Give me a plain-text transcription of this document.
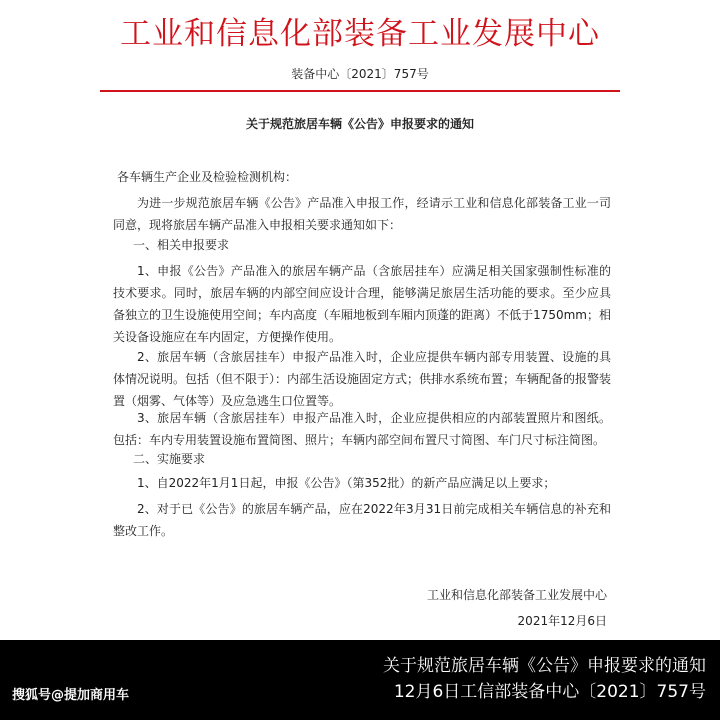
工业和信息化部装备工业发展中心
装备中心〔2021〕757号
关于规范旅居车辆《公告》申报要求的通知
各车辆生产企业及检验检测机构：
为进一步规范旅居车辆《公告》产品准入申报工作，经请示工业和信息化部装备工业一司同意，现将旅居车辆产品准入申报相关要求通知如下：
一、相关申报要求
1、申报《公告》产品准入的旅居车辆产品（含旅居挂车）应满足相关国家强制性标准的技术要求。同时，旅居车辆的内部空间应设计合理，能够满足旅居生活功能的要求。至少应具备独立的卫生设施使用空间；车内高度（车厢地板到车厢内顶蓬的距离）不低于1750mm；相关设备设施应在车内固定，方便操作使用。
2、旅居车辆（含旅居挂车）申报产品准入时，企业应提供车辆内部专用装置、设施的具体情况说明。包括（但不限于）：内部生活设施固定方式；供排水系统布置；车辆配备的报警装置（烟雾、气体等）及应急逃生口位置等。
3、旅居车辆（含旅居挂车）申报产品准入时，企业应提供相应的内部装置照片和图纸。包括：车内专用装置设施布置简图、照片；车辆内部空间布置尺寸简图、车门尺寸标注简图。
二、实施要求
1、自2022年1月1日起，申报《公告》（第352批）的新产品应满足以上要求；
2、对于已《公告》的旅居车辆产品，应在2022年3月31日前完成相关车辆信息的补充和整改工作。
工业和信息化部装备工业发展中心
2021年12月6日
关于规范旅居车辆《公告》申报要求的通知
12月6日工信部装备中心〔2021〕757号
搜狐号@提加商用车
